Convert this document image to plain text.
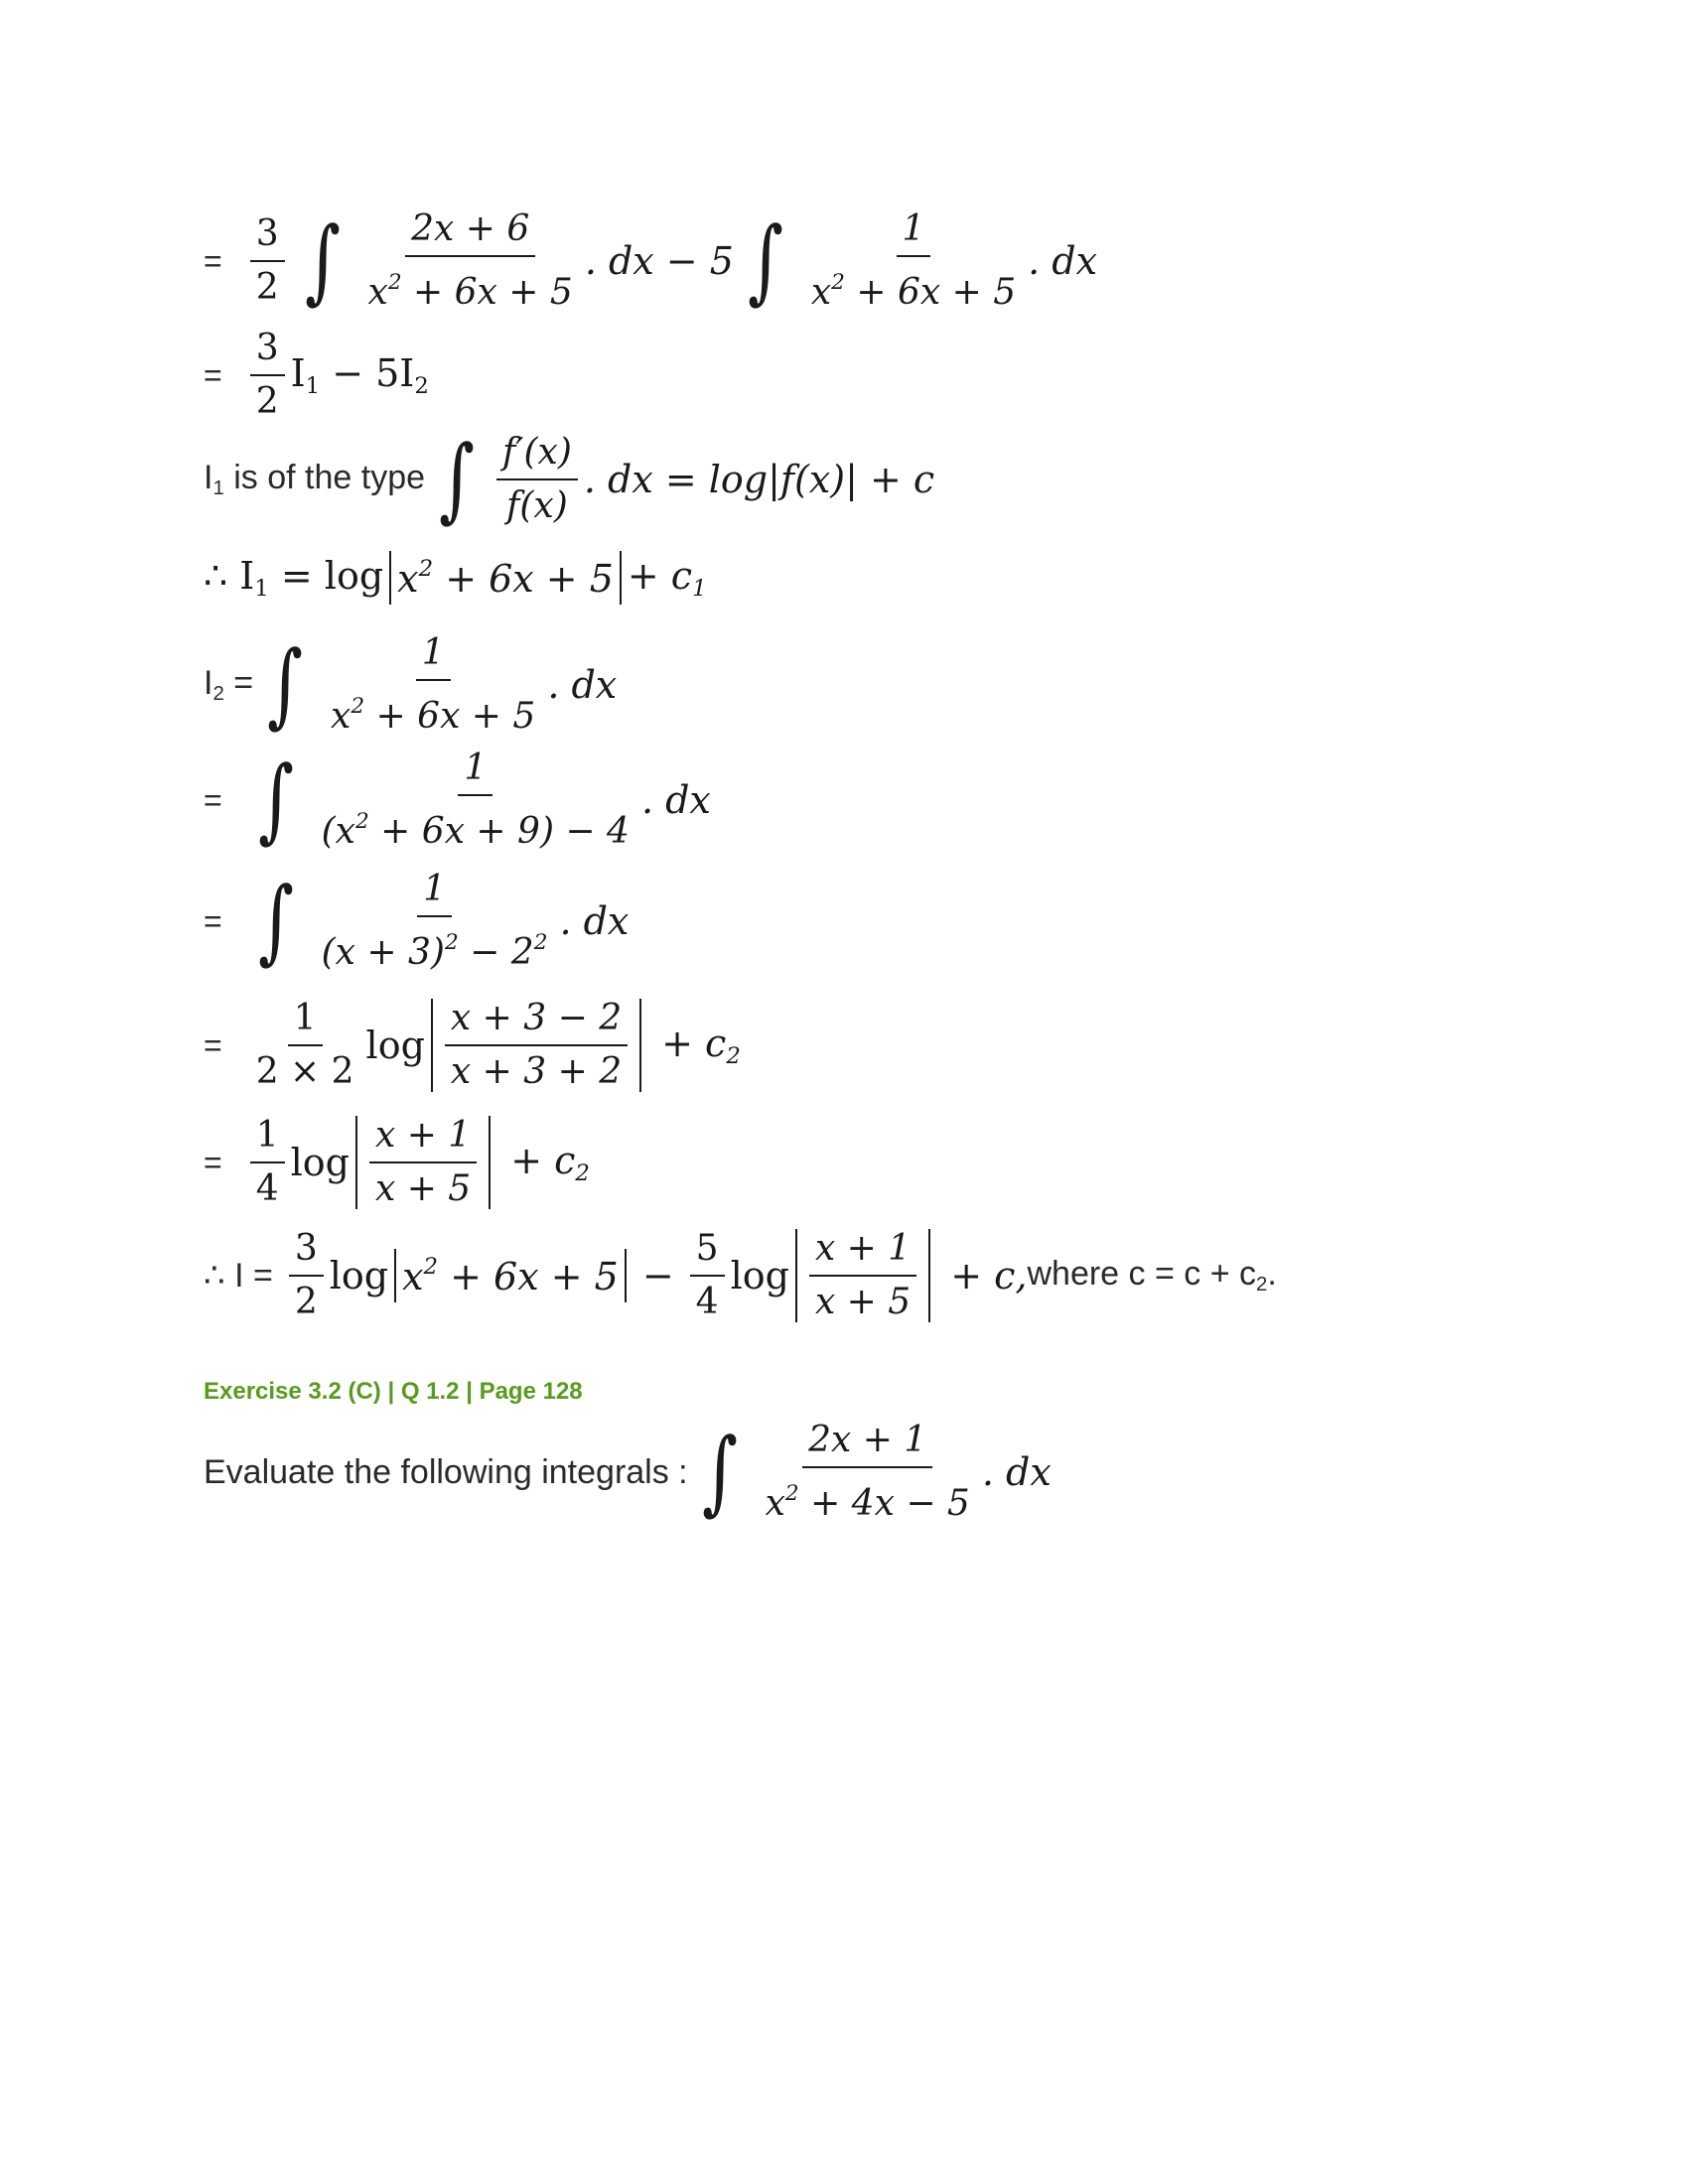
= $\frac{3}{2}$ ∫ $\frac{2x + 6}{x^2 + 6x + 5}$ . dx − 5 ∫ $\frac{1}{x^2 + 6x + 5}$ . dx
= $\frac{3}{2} I_1 - 5I_2$
$I_1$ is of the type ∫ $\frac{f'(x)}{f(x)}$ . dx = log|f(x)| + c
∴ $I_1 = \log x^2 + 6x + 5 + c_1$
$I_2$ = ∫ $\frac{1}{x^2 + 6x + 5}$ . dx
= ∫ $\frac{1}{(x^2 + 6x + 9) - 4}$ . dx
= ∫ $\frac{1}{(x + 3)^2 - 2^2}$ . dx
= $\frac{1}{2 \times 2}$ $\log \frac{x + 3 - 2}{x + 3 + 2} + c_2$
= $\frac{1}{4}$ $\log \frac{x + 1}{x + 5} + c_2$
∴ $I = \frac{3}{2}$ $\log x^2 + 6x + 5 - \frac{5}{4}$ $\log \frac{x + 1}{x + 5} + c$, where $c = c + c_2$.
Exercise 3.2 (C) | Q 1.2 | Page 128
Evaluate the following integrals : ∫ $\frac{2x + 1}{x^2 + 4x - 5}$ . dx
